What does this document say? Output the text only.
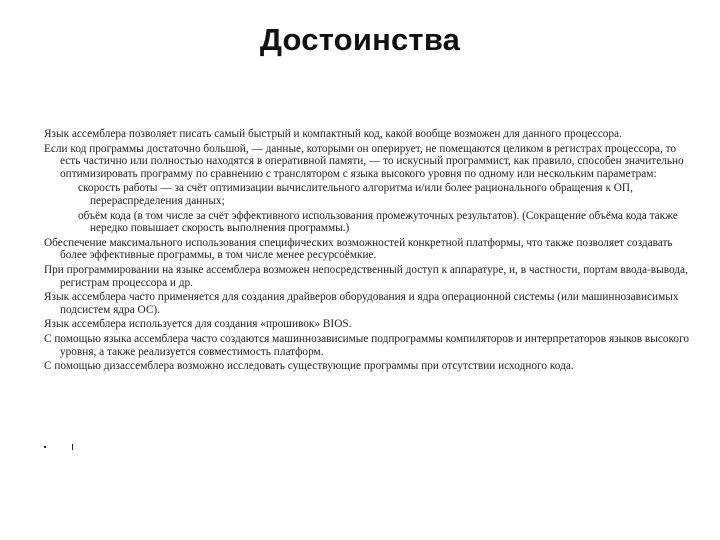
Достоинства

Язык ассемблера позволяет писать самый быстрый и компактный код, какой вообще возможен для данного процессора.

Если код программы достаточно большой, — данные, которыми он оперирует, не помещаются целиком в регистрах процессора, то есть частично или полностью находятся в оперативной памяти, — то искусный программист, как правило, способен значительно оптимизировать программу по сравнению с транслятором с языка высокого уровня по одному или нескольким параметрам:

скорость работы — за счёт оптимизации вычислительного алгоритма и/или более рационального обращения к ОП, перераспределения данных;

объём кода (в том числе за счёт эффективного использования промежуточных результатов). (Сокращение объёма кода также нередко повышает скорость выполнения программы.)

Обеспечение максимального использования специфических возможностей конкретной платформы, что также позволяет создавать более эффективные программы, в том числе менее ресурсоёмкие.

При программировании на языке ассемблера возможен непосредственный доступ к аппаратуре, и, в частности, портам ввода-вывода, регистрам процессора и др.

Язык ассемблера часто применяется для создания драйверов оборудования и ядра операционной системы (или машиннозависимых подсистем ядра ОС).

Язык ассемблера используется для создания «прошивок» BIOS.

С помощью языка ассемблера часто создаются машиннозависимые подпрограммы компиляторов и интерпретаторов языков высокого уровня, а также реализуется совместимость платформ.

С помощью дизассемблера возможно исследовать существующие программы при отсутствии исходного кода.
